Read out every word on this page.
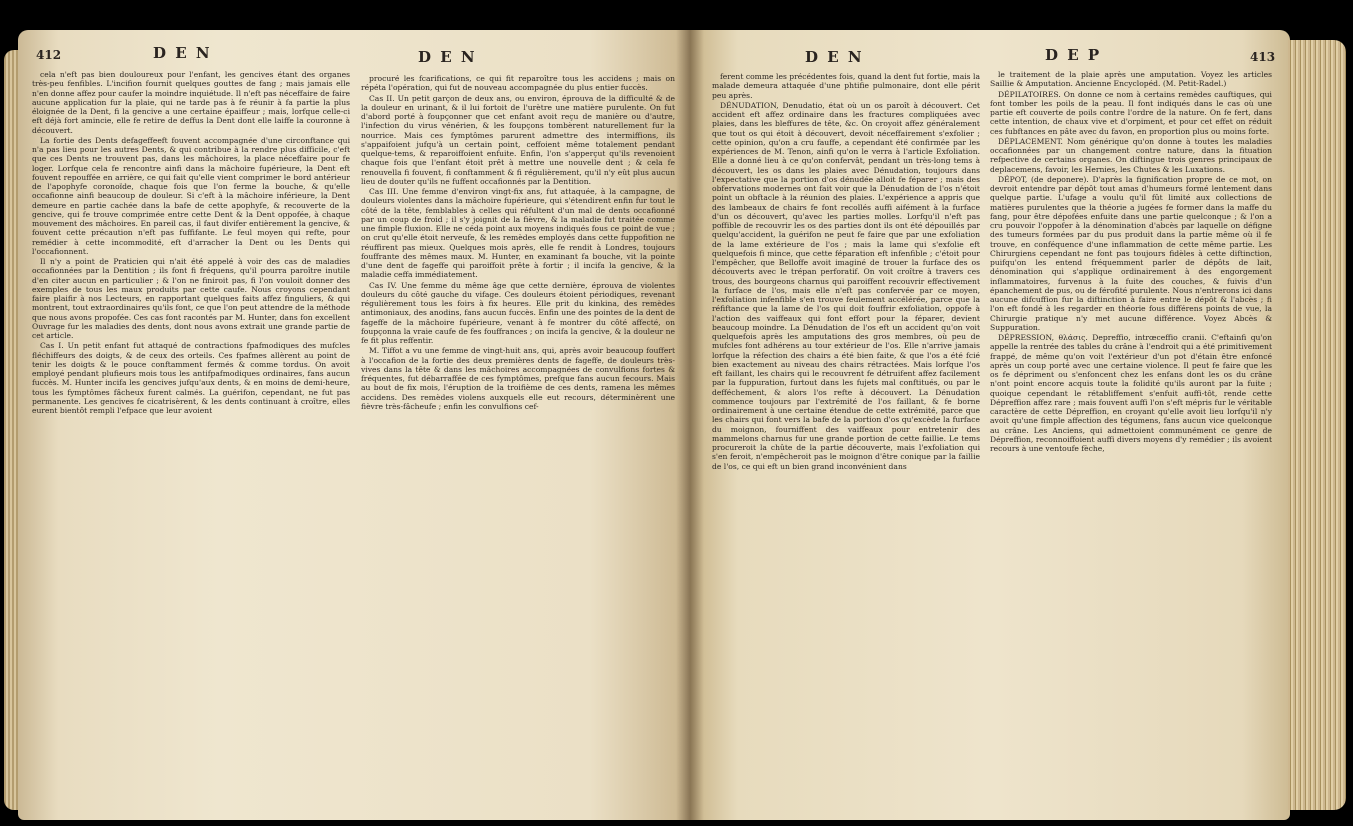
412	D E N	D E N

cela n'eft pas bien douloureux pour l'enfant, les gencives étant des organes très-peu fenfibles. L'incifion fournit quelques gouttes de fang ; mais jamais elle n'en donne affez pour caufer la moindre inquiétude. Il n'eft pas néceffaire de faire aucune application fur la plaie, qui ne tarde pas à fe réunir à fa partie la plus éloignée de la Dent, fi la gencive a une certaine épaiffeur ; mais, lorfque celle-ci eft déjà fort amincie, elle fe retire de deffus la Dent dont elle laiffe la couronne à découvert.

La fortie des Dents defageffeeft fouvent accompagnée d'une circonftance qui n'a pas lieu pour les autres Dents, & qui contribue à la rendre plus difficile, c'eft que ces Dents ne trouvent pas, dans les mâchoires, la place néceffaire pour fe loger. Lorfque cela fe rencontre ainfi dans la mâchoire fupérieure, la Dent eft fouvent repouffée en arrière, ce qui fait qu'elle vient comprimer le bord antérieur de l'apophyfe coronoïde, chaque fois que l'on ferme la bouche, & qu'elle occafionne ainfi beaucoup de douleur. Si c'eft à la mâchoire inférieure, la Dent demeure en partie cachée dans la bafe de cette apophyfe, & recouverte de la gencive, qui fe trouve comprimée entre cette Dent & la Dent oppofée, à chaque mouvement des mâchoires. En pareil cas, il faut divifer entièrement la gencive, & fouvent cette précaution n'eft pas fuffifante. Le feul moyen qui refte, pour remédier à cette incommodité, eft d'arracher la Dent ou les Dents qui l'occafionnent.

Il n'y a point de Praticien qui n'ait été appelé à voir des cas de maladies occafionnées par la Dentition ; ils font fi fréquens, qu'il pourra paroître inutile d'en citer aucun en particulier ; & l'on ne finiroit pas, fi l'on vouloit donner des exemples de tous les maux produits par cette caufe. Nous croyons cependant faire plaifir à nos Lecteurs, en rapportant quelques faits affez finguliers, & qui montrent, tout extraordinaires qu'ils font, ce que l'on peut attendre de la méthode que nous avons propofée. Ces cas font racontés par M. Hunter, dans fon excellent Ouvrage fur les maladies des dents, dont nous avons extrait une grande partie de cet article.

Cas I. Un petit enfant fut attaqué de contractions fpafmodiques des mufcles fléchiffeurs des doigts, & de ceux des orteils. Ces fpafmes allèrent au point de tenir les doigts & le pouce conftamment fermés & comme tordus. On avoit employé pendant plufieurs mois tous les antifpafmodiques ordinaires, fans aucun fuccès. M. Hunter incifa les gencives jufqu'aux dents, & en moins de demi-heure, tous les fymptômes fâcheux furent calmés. La guérifon, cependant, ne fut pas permanente. Les gencives fe cicatrisèrent, & les dents continuant à croître, elles eurent bientôt rempli l'efpace que leur avoient

procuré les fcarifications, ce qui fit reparoître tous les accidens ; mais on répéta l'opération, qui fut de nouveau accompagnée du plus entier fuccès.

Cas II. Un petit garçon de deux ans, ou environ, éprouva de la difficulté & de la douleur en urinant, & il lui fortoit de l'urètre une matière purulente. On fut d'abord porté à foupçonner que cet enfant avoit reçu de manière ou d'autre, l'infection du virus vénérien, & les foupçons tombèrent naturellement fur la nourrice. Mais ces fymptômes parurent admettre des intermiffions, ils s'appaifoient jufqu'à un certain point, ceffoient même totalement pendant quelque-tems, & reparoiffoient enfuite. Enfin, l'on s'apperçut qu'ils revenoient chaque fois que l'enfant étoit prêt à mettre une nouvelle dent ; & cela fe renouvella fi fouvent, fi conftamment & fi régulièrement, qu'il n'y eût plus aucun lieu de douter qu'ils ne fuffent occafionnés par la Dentition.

Cas III. Une femme d'environ vingt-fix ans, fut attaquée, à la campagne, de douleurs violentes dans la mâchoire fupérieure, qui s'étendirent enfin fur tout le côté de la tête, femblables à celles qui réfultent d'un mal de dents occafionné par un coup de froid ; il s'y joignit de la fièvre, & la maladie fut traitée comme une fimple fluxion. Elle ne céda point aux moyens indiqués fous ce point de vue ; on crut qu'elle étoit nerveufe, & les remèdes employés dans cette fuppofition ne réuffirent pas mieux. Quelques mois après, elle fe rendit à Londres, toujours fouffrante des mêmes maux. M. Hunter, en examinant fa bouche, vit la pointe d'une dent de fageffe qui paroiffoit prête à fortir ; il incifa la gencive, & la maladie ceffa immédiatement.

Cas IV. Une femme du même âge que cette dernière, éprouva de violentes douleurs du côté gauche du vifage. Ces douleurs étoient périodiques, revenant régulièrement tous les foirs à fix heures. Elle prit du kinkina, des remèdes antimoniaux, des anodins, fans aucun fuccès. Enfin une des pointes de la dent de fageffe de la mâchoire fupérieure, venant à fe montrer du côté affecté, on foupçonna la vraie caufe de fes fouffrances ; on incifa la gencive, & la douleur ne fe fit plus reffentir.

M. Tiffot a vu une femme de vingt-huit ans, qui, après avoir beaucoup fouffert à l'occafion de la fortie des deux premières dents de fageffe, de douleurs très-vives dans la tête & dans les mâchoires accompagnées de convulfions fortes & fréquentes, fut débarraffée de ces fymptômes, prefque fans aucun fecours. Mais au bout de fix mois, l'éruption de la troifième de ces dents, ramena les mêmes accidens. Des remèdes violens auxquels elle eut recours, déterminèrent une fièvre très-fâcheufe ; enfin les convulfions cef-

D E N	D E P	413

ferent comme les précédentes fois, quand la dent fut fortie, mais la malade demeura attaquée d'une phtifie pulmonaire, dont elle périt peu après.

DÉNUDATION, Denudatio, état où un os paroît à découvert. Cet accident eft affez ordinaire dans les fractures compliquées avec plaies, dans les bleffures de tête, &c. On croyoit affez généralement que tout os qui étoit à découvert, devoit néceffairement s'exfolier ; cette opinion, qu'on a cru fauffe, a cependant été confirmée par les expériences de M. Tenon, ainfi qu'on le verra à l'article Exfoliation. Elle a donné lieu à ce qu'on confervât, pendant un très-long tems à découvert, les os dans les plaies avec Dénudation, toujours dans l'expectative que la portion d'os dénudée alloit fe féparer ; mais des obfervations modernes ont fait voir que la Dénudation de l'os n'étoit point un obftacle à la réunion des plaies. L'expérience a appris que des lambeaux de chairs fe font recollés auffi aifément à la furface d'un os découvert, qu'avec les parties molles. Lorfqu'il n'eft pas poffible de recouvrir les os des parties dont ils ont été dépouillés par quelqu'accident, la guérifon ne peut fe faire que par une exfoliation de la lame extérieure de l'os ; mais la lame qui s'exfolie eft quelquefois fi mince, que cette féparation eft infenfible ; c'étoit pour l'empêcher, que Belloffe avoit imaginé de trouer la furface des os découverts avec le trépan perforatif. On voit croître à travers ces trous, des bourgeons charnus qui paroiffent recouvrir effectivement la furface de l'os, mais elle n'eft pas confervée par ce moyen, l'exfoliation infenfible s'en trouve feulement accélérée, parce que la réfiftance que la lame de l'os qui doit fouffrir exfoliation, oppofe à l'action des vaiffeaux qui font effort pour la féparer, devient beaucoup moindre. La Dénudation de l'os eft un accident qu'on voit quelquefois après les amputations des gros membres, où peu de mufcles font adhérens au tour extérieur de l'os. Elle n'arrive jamais lorfque la réfection des chairs a été bien faite, & que l'os a été fcié bien exactement au niveau des chairs rétractées. Mais lorfque l'os eft faillant, les chairs qui le recouvrent fe détruifent affez facilement par la fuppuration, furtout dans les fujets mal conftitués, ou par le defféchement, & alors l'os refte à découvert. La Dénudation commence toujours par l'extrémité de l'os faillant, & fe borne ordinairement à une certaine étendue de cette extrémité, parce que les chairs qui font vers la bafe de la portion d'os qu'excède la furface du moignon, fourniffent des vaiffeaux pour entretenir des mammelons charnus fur une grande portion de cette faillie. Le tems procureroit la chûte de la partie découverte, mais l'exfoliation qui s'en feroit, n'empêcheroit pas le moignon d'être conique par la faillie de l'os, ce qui eft un bien grand inconvénient dans

le traitement de la plaie après une amputation. Voyez les articles Saillie & Amputation. Ancienne Encyclopéd. (M. Petit-Radel.)

DÉPILATOIRES. On donne ce nom à certains remèdes cauftiques, qui font tomber les poils de la peau. Il font indiqués dans le cas où une partie eft couverte de poils contre l'ordre de la nature. On fe fert, dans cette intention, de chaux vive et d'orpiment, et pour cet effet on réduit ces fubftances en pâte avec du favon, en proportion plus ou moins forte.

DÉPLACEMENT. Nom générique qu'on donne à toutes les maladies occafionnées par un changement contre nature, dans la fituation refpective de certains organes. On diftingue trois genres principaux de deplacemens, favoir, les Hernies, les Chutes & les Luxations.

DÉPOT, (de deponere). D'après la fignification propre de ce mot, on devroit entendre par dépôt tout amas d'humeurs formé lentement dans quelque partie. L'ufage a voulu qu'il fût limité aux collections de matières purulentes que la théorie a jugées fe former dans la maffe du fang, pour être dépofées enfuite dans une partie quelconque ; & l'on a cru pouvoir l'oppofer à la dénomination d'abcès par laquelle on défigne des tumeurs formées par du pus produit dans la partie même où il fe trouve, en conféquence d'une inflammation de cette même partie. Les Chirurgiens cependant ne font pas toujours fidèles à cette diftinction, puifqu'on les entend fréquemment parler de dépôts de lait, dénomination qui s'applique ordinairement à des engorgement inflammatoires, furvenus à la fuite des couches, & fuivis d'un épanchement de pus, ou de férofité purulente. Nous n'entrerons ici dans aucune difcuffion fur la diftinction à faire entre le dépôt & l'abcès ; fi l'on eft fondé à les regarder en théorie fous différens points de vue, la Chirurgie pratique n'y met aucune différence. Voyez Abcès & Suppuration.

DÉPRESSION, θλάσις. Depreffio, intrœceffio cranii. C'eftainfi qu'on appelle la rentrée des tables du crâne à l'endroit qui a été primitivement frappé, de même qu'on voit l'extérieur d'un pot d'étain être enfoncé après un coup porté avec une certaine violence. Il peut fe faire que les os fe dépriment ou s'enfoncent chez les enfans dont les os du crâne n'ont point encore acquis toute la folidité qu'ils auront par la fuite ; quoique cependant le rétabliffement s'enfuit auffi-tôt, rende cette Dépreffion affez rare ; mais fouvent auffi l'on s'eft mépris fur le véritable caractère de cette Dépreffion, en croyant qu'elle avoit lieu lorfqu'il n'y avoit qu'une fimple affection des tégumens, fans aucun vice quelconque au crâne. Les Anciens, qui admettoient communément ce genre de Dépreffion, reconnoiffoient auffi divers moyens d'y remédier ; ils avoient recours à une ventoufe fèche,
